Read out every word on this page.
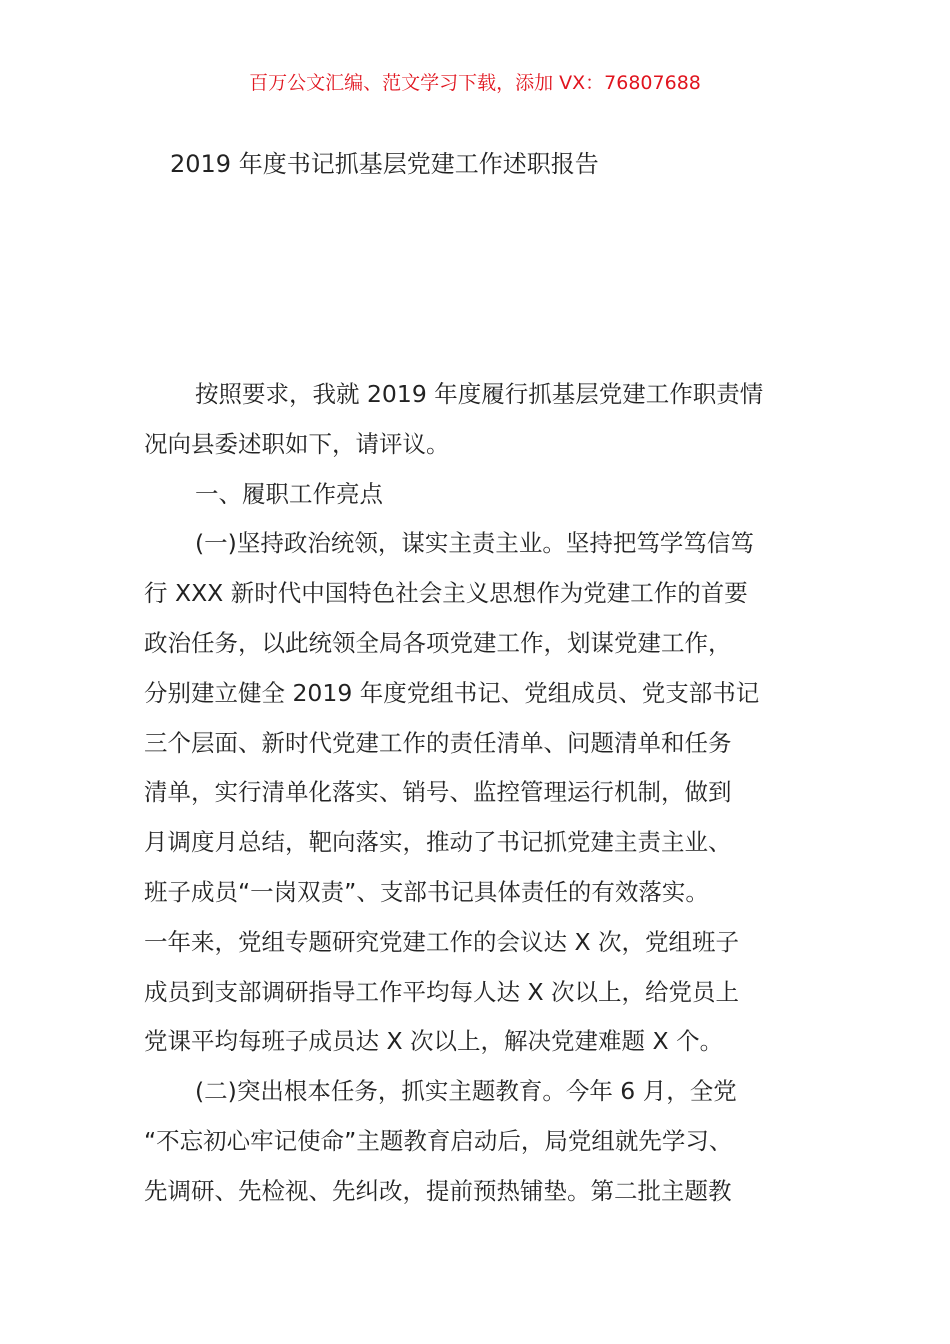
百万公文汇编、范文学习下载，添加 VX：76807688
2019 年度书记抓基层党建工作述职报告
按照要求，我就 2019 年度履行抓基层党建工作职责情
况向县委述职如下，请评议。
一、履职工作亮点
(一)坚持政治统领，谋实主责主业。坚持把笃学笃信笃
行 XXX 新时代中国特色社会主义思想作为党建工作的首要
政治任务，以此统领全局各项党建工作，划谋党建工作，
分别建立健全 2019 年度党组书记、党组成员、党支部书记
三个层面、新时代党建工作的责任清单、问题清单和任务
清单，实行清单化落实、销号、监控管理运行机制，做到
月调度月总结，靶向落实，推动了书记抓党建主责主业、
班子成员“一岗双责”、支部书记具体责任的有效落实。
一年来，党组专题研究党建工作的会议达 X 次，党组班子
成员到支部调研指导工作平均每人达 X 次以上，给党员上
党课平均每班子成员达 X 次以上，解决党建难题 X 个。
(二)突出根本任务，抓实主题教育。今年 6 月，全党
“不忘初心牢记使命”主题教育启动后，局党组就先学习、
先调研、先检视、先纠改，提前预热铺垫。第二批主题教
